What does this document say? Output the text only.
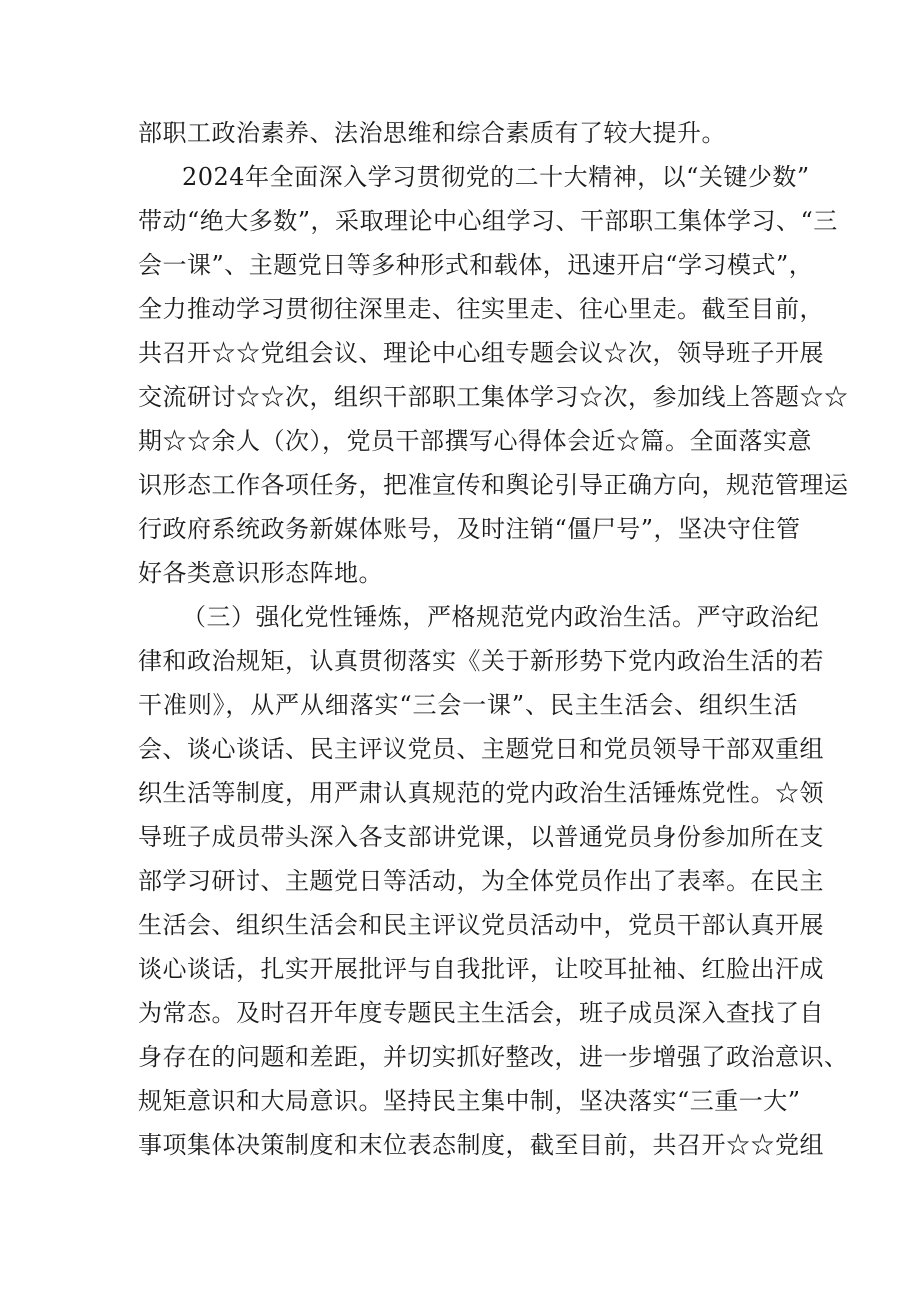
部职工政治素养、法治思维和综合素质有了较大提升。
2024年全面深入学习贯彻党的二十大精神，以“关键少数”
带动“绝大多数”，采取理论中心组学习、干部职工集体学习、“三
会一课”、主题党日等多种形式和载体，迅速开启“学习模式”，
全力推动学习贯彻往深里走、往实里走、往心里走。截至目前，
共召开☆☆党组会议、理论中心组专题会议☆次，领导班子开展
交流研讨☆☆次，组织干部职工集体学习☆次，参加线上答题☆☆
期☆☆余人（次），党员干部撰写心得体会近☆篇。全面落实意
识形态工作各项任务，把准宣传和舆论引导正确方向，规范管理运
行政府系统政务新媒体账号，及时注销“僵尸号”，坚决守住管
好各类意识形态阵地。
（三）强化党性锤炼，严格规范党内政治生活。严守政治纪
律和政治规矩，认真贯彻落实《关于新形势下党内政治生活的若
干准则》，从严从细落实“三会一课”、民主生活会、组织生活
会、谈心谈话、民主评议党员、主题党日和党员领导干部双重组
织生活等制度，用严肃认真规范的党内政治生活锤炼党性。☆领
导班子成员带头深入各支部讲党课，以普通党员身份参加所在支
部学习研讨、主题党日等活动，为全体党员作出了表率。在民主
生活会、组织生活会和民主评议党员活动中，党员干部认真开展
谈心谈话，扎实开展批评与自我批评，让咬耳扯袖、红脸出汗成
为常态。及时召开年度专题民主生活会，班子成员深入查找了自
身存在的问题和差距，并切实抓好整改，进一步增强了政治意识、
规矩意识和大局意识。坚持民主集中制，坚决落实“三重一大”
事项集体决策制度和末位表态制度，截至目前，共召开☆☆党组
